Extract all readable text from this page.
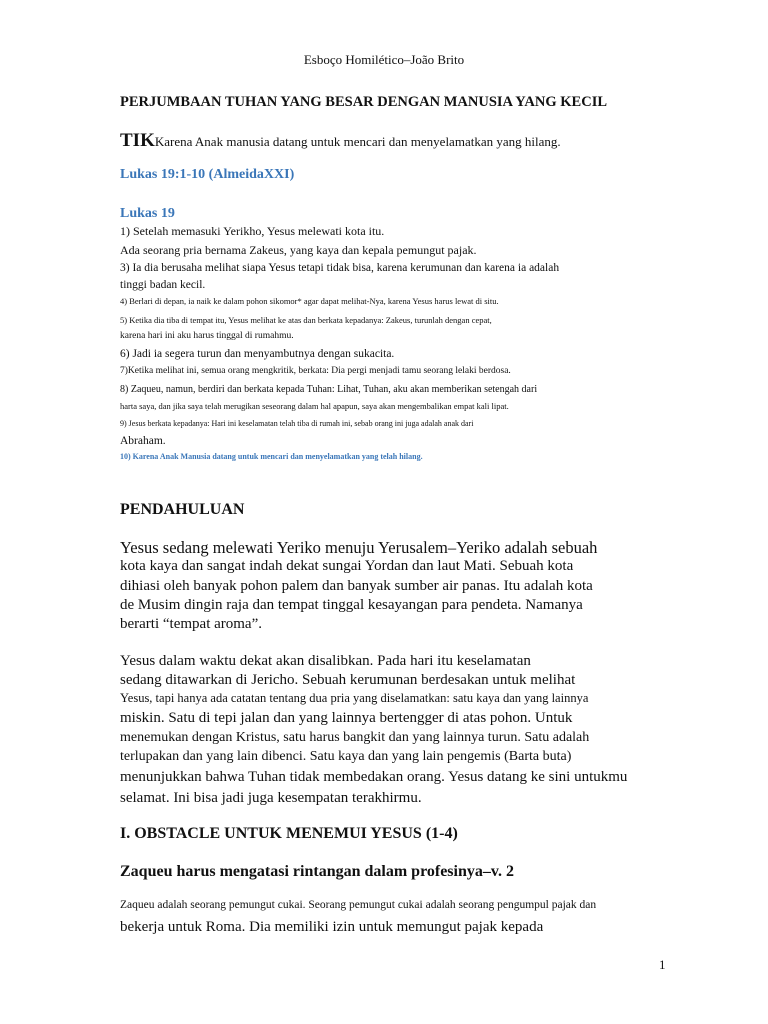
Esboço Homilético–João Brito
PERJUMBAAN TUHAN YANG BESAR DENGAN MANUSIA YANG KECIL
TIKKarena Anak manusia datang untuk mencari dan menyelamatkan yang hilang.
Lukas 19:1-10 (AlmeidaXXI)
Lukas 19
1) Setelah memasuki Yerikho, Yesus melewati kota itu.
Ada seorang pria bernama Zakeus, yang kaya dan kepala pemungut pajak.
3) Ia dia berusaha melihat siapa Yesus tetapi tidak bisa, karena kerumunan dan karena ia adalah
tinggi badan kecil.
4) Berlari di depan, ia naik ke dalam pohon sikomor* agar dapat melihat-Nya, karena Yesus harus lewat di situ.
5) Ketika dia tiba di tempat itu, Yesus melihat ke atas dan berkata kepadanya: Zakeus, turunlah dengan cepat,
karena hari ini aku harus tinggal di rumahmu.
6) Jadi ia segera turun dan menyambutnya dengan sukacita.
7)Ketika melihat ini, semua orang mengkritik, berkata: Dia pergi menjadi tamu seorang lelaki berdosa.
8) Zaqueu, namun, berdiri dan berkata kepada Tuhan: Lihat, Tuhan, aku akan memberikan setengah dari
harta saya, dan jika saya telah merugikan seseorang dalam hal apapun, saya akan mengembalikan empat kali lipat.
9) Jesus berkata kepadanya: Hari ini keselamatan telah tiba di rumah ini, sebab orang ini juga adalah anak dari
Abraham.
10) Karena Anak Manusia datang untuk mencari dan menyelamatkan yang telah hilang.
PENDAHULUAN
Yesus sedang melewati Yeriko menuju Yerusalem–Yeriko adalah sebuah
kota kaya dan sangat indah dekat sungai Yordan dan laut Mati. Sebuah kota
dihiasi oleh banyak pohon palem dan banyak sumber air panas. Itu adalah kota
de Musim dingin raja dan tempat tinggal kesayangan para pendeta. Namanya
berarti “tempat aroma”.
Yesus dalam waktu dekat akan disalibkan. Pada hari itu keselamatan
sedang ditawarkan di Jericho. Sebuah kerumunan berdesakan untuk melihat
Yesus, tapi hanya ada catatan tentang dua pria yang diselamatkan: satu kaya dan yang lainnya
miskin. Satu di tepi jalan dan yang lainnya bertengger di atas pohon. Untuk
menemukan dengan Kristus, satu harus bangkit dan yang lainnya turun. Satu adalah
terlupakan dan yang lain dibenci. Satu kaya dan yang lain pengemis (Barta buta)
menunjukkan bahwa Tuhan tidak membedakan orang. Yesus datang ke sini untukmu
selamat. Ini bisa jadi juga kesempatan terakhirmu.
I. OBSTACLE UNTUK MENEMUI YESUS (1-4)
Zaqueu harus mengatasi rintangan dalam profesinya–v. 2
Zaqueu adalah seorang pemungut cukai. Seorang pemungut cukai adalah seorang pengumpul pajak dan
bekerja untuk Roma. Dia memiliki izin untuk memungut pajak kepada
1
